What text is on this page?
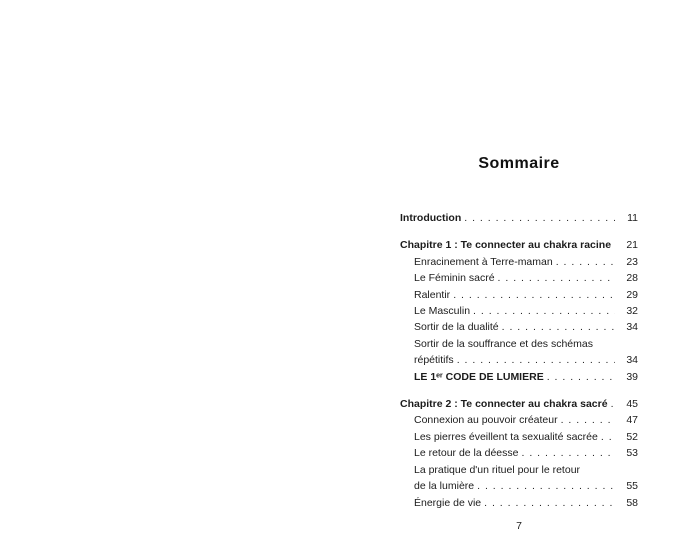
Sommaire
Introduction . . .	11
Chapitre 1 : Te connecter au chakra racine . . .	21
Enracinement à Terre-maman . . .	23
Le Féminin sacré . . .	28
Ralentir . . .	29
Le Masculin . . .	32
Sortir de la dualité . . .	34
Sortir de la souffrance et des schémas
répétitifs . . .	34
LE 1ᵉʳ CODE DE LUMIERE . . .	39
Chapitre 2 : Te connecter au chakra sacré . . .	45
Connexion au pouvoir créateur . . .	47
Les pierres éveillent ta sexualité sacrée . . .	52
Le retour de la déesse . . .	53
La pratique d'un rituel pour le retour
de la lumière . . .	55
Énergie de vie . . .	58
7
